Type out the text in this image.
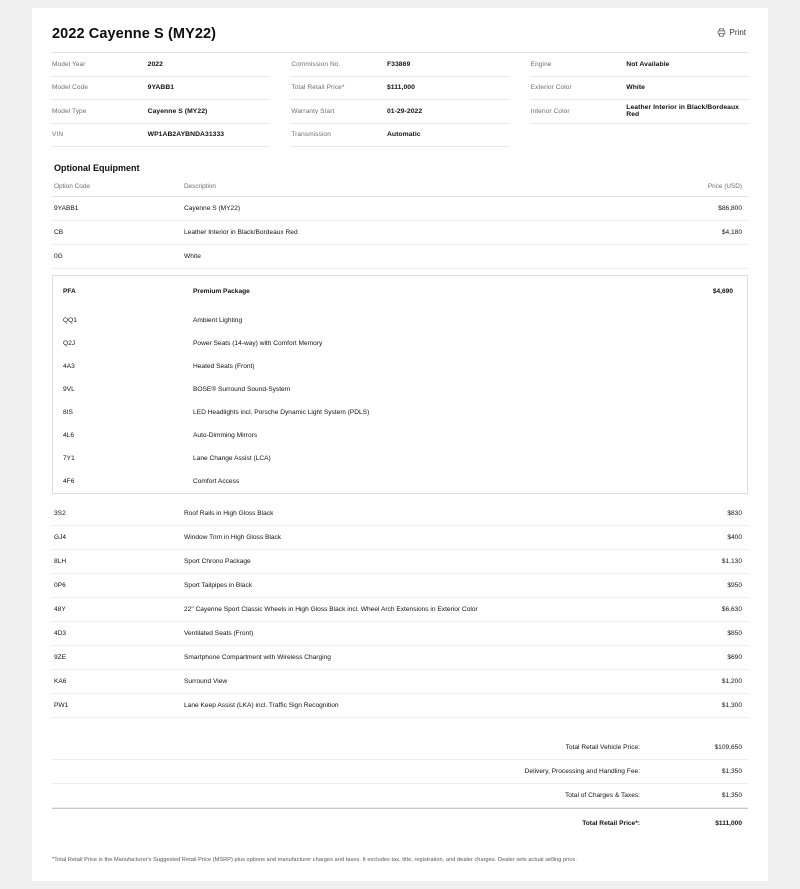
2022 Cayenne S (MY22)	Print
Model Year	2022
Model Code	9YABB1
Model Type	Cayenne S (MY22)
VIN	WP1AB2AYBNDA31333
Commission No.	F33869
Total Retail Price*	$111,000
Warranty Start	01-29-2022
Transmission	Automatic
Engine	Not Available
Exterior Color	White
Interior Color	Leather Interior in Black/Bordeaux Red

Optional Equipment
Option Code	Description	Price (USD)
9YABB1	Cayenne S (MY22)	$86,800
CB	Leather Interior in Black/Bordeaux Red	$4,180
0G	White	
PFA	Premium Package	$4,690
QQ1	Ambient Lighting	
Q2J	Power Seats (14-way) with Comfort Memory	
4A3	Heated Seats (Front)	
9VL	BOSE® Surround Sound-System	
8IS	LED Headlights incl. Porsche Dynamic Light System (PDLS)	
4L6	Auto-Dimming Mirrors	
7Y1	Lane Change Assist (LCA)	
4F6	Comfort Access	
3S2	Roof Rails in High Gloss Black	$830
GJ4	Window Trim in High Gloss Black	$400
8LH	Sport Chrono Package	$1,130
0P6	Sport Tailpipes in Black	$950
48Y	22" Cayenne Sport Classic Wheels in High Gloss Black incl. Wheel Arch Extensions in Exterior Color	$6,630
4D3	Ventilated Seats (Front)	$850
9ZE	Smartphone Compartment with Wireless Charging	$690
KA6	Surround View	$1,200
PW1	Lane Keep Assist (LKA) incl. Traffic Sign Recognition	$1,300
Total Retail Vehicle Price:	$109,650
Delivery, Processing and Handling Fee:	$1,350
Total of Charges & Taxes:	$1,350
Total Retail Price*:	$111,000
*Total Retail Price is the Manufacturer's Suggested Retail Price (MSRP) plus options and manufacturer charges and taxes. It excludes tax, title, registration, and dealer charges. Dealer sets actual selling price.
